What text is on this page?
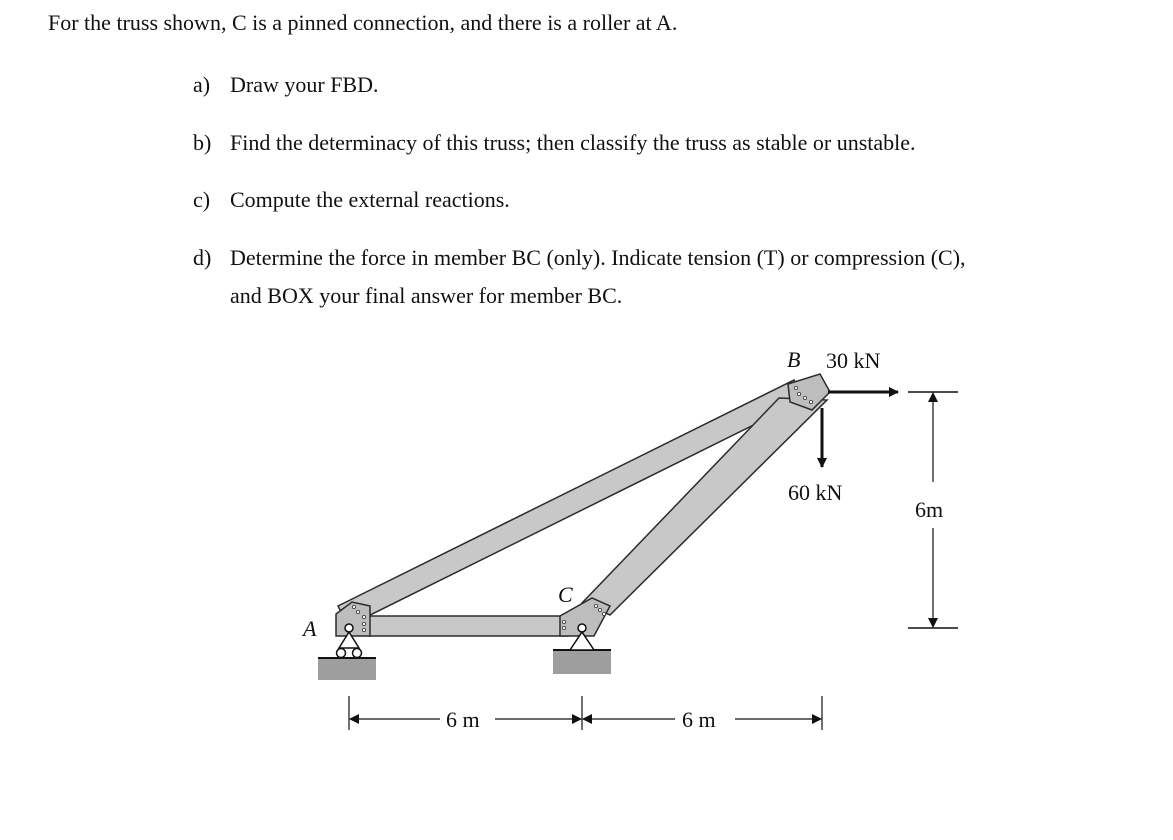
For the truss shown, C is a pinned connection, and there is a roller at A.
a) Draw your FBD.
b) Find the determinacy of this truss; then classify the truss as stable or unstable.
c) Compute the external reactions.
d) Determine the force in member BC (only). Indicate tension (T) or compression (C),
and BOX your final answer for member BC.
A
B
C
30 kN
60 kN
6m
6 m	6 m
